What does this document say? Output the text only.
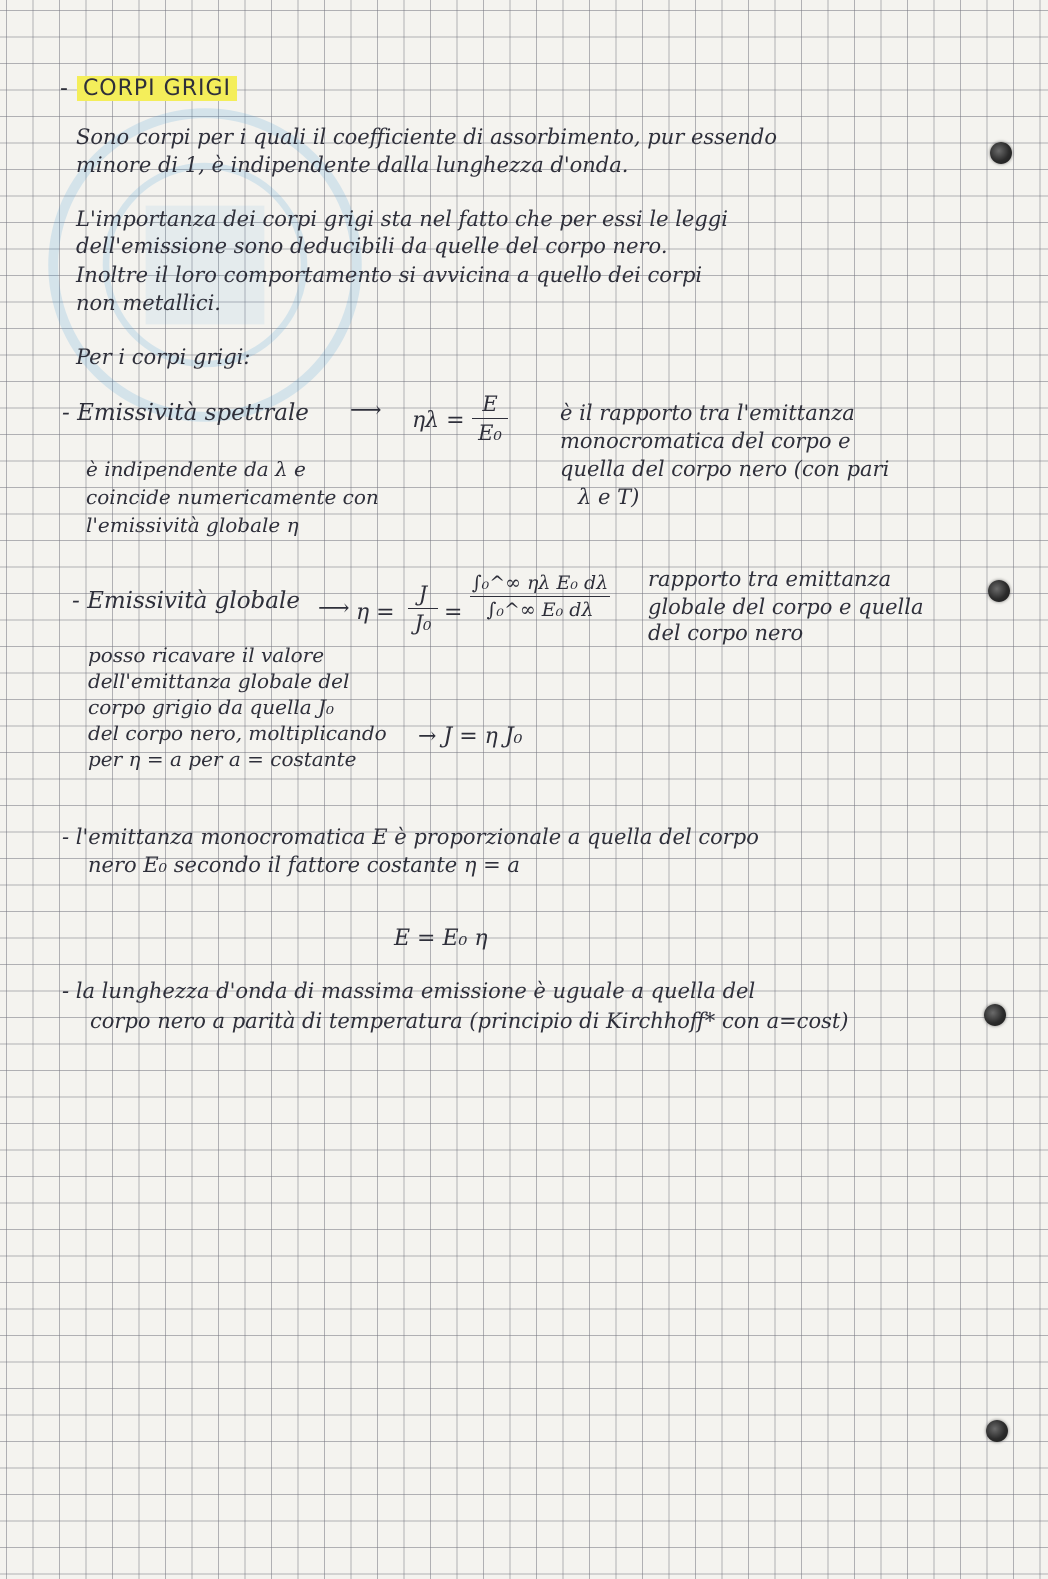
- CORPI GRIGI
Sono corpi per i quali il coefficiente di assorbimento, pur essendo
minore di 1, è indipendente dalla lunghezza d'onda.
L'importanza dei corpi grigi sta nel fatto che per essi le leggi
dell'emissione sono deducibili da quelle del corpo nero.
Inoltre il loro comportamento si avvicina a quello dei corpi
non metallici.
Per i corpi grigi:
- Emissività spettrale ⟶ ηλ =
E
E₀
è il rapporto tra l'emittanza
monocromatica del corpo e
quella del corpo nero (con pari
λ e T)
è indipendente da λ e
coincide numericamente con
l'emissività globale η
- Emissività globale ⟶ η =
J
J₀ =
∫₀^∞ ηλ E₀ dλ
∫₀^∞ E₀ dλ
rapporto tra emittanza
globale del corpo e quella
del corpo nero
posso ricavare il valore
dell'emittanza globale del
corpo grigio da quella J₀
del corpo nero, moltiplicando
per η = a per a = costante
→ J = η J₀
- l'emittanza monocromatica E è proporzionale a quella del corpo
nero E₀ secondo il fattore costante η = a
E = E₀ η
- la lunghezza d'onda di massima emissione è uguale a quella del
corpo nero a parità di temperatura (principio di Kirchhoff* con a=cost)
